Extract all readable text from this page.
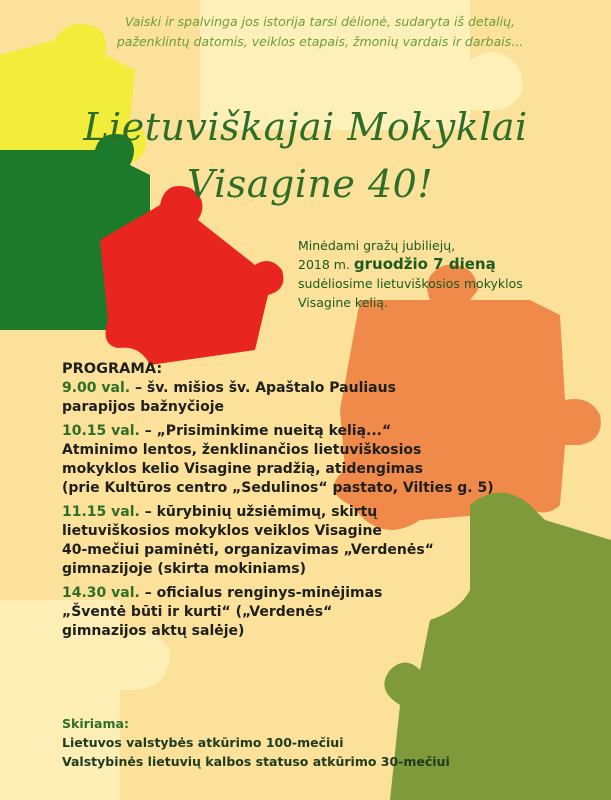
Vaiski ir spalvinga jos istorija tarsi dėlionė, sudaryta iš detalių,
paženklintų datomis, veiklos etapais, žmonių vardais ir darbais...
Lietuviškajai Mokyklai
Visagine 40!
Minėdami gražų jubiliejų,
2018 m. gruodžio 7 dieną
sudėliosime lietuviškosios mokyklos
Visagine kelią.
PROGRAMA:
9.00 val. – šv. mišios šv. Apaštalo Pauliaus
parapijos bažnyčioje
10.15 val. – „Prisiminkime nueitą kelią...“
Atminimo lentos, ženklinančios lietuviškosios
mokyklos kelio Visagine pradžią, atidengimas
(prie Kultūros centro „Sedulinos“ pastato, Vilties g. 5)
11.15 val. – kūrybinių užsiėmimų, skirtų
lietuviškosios mokyklos veiklos Visagine
40-mečiui paminėti, organizavimas „Verdenės“
gimnazijoje (skirta mokiniams)
14.30 val. – oficialus renginys-minėjimas
„Šventė būti ir kurti“ („Verdenės“
gimnazijos aktų salėje)
Skiriama:
Lietuvos valstybės atkūrimo 100-mečiui
Valstybinės lietuvių kalbos statuso atkūrimo 30-mečiui
